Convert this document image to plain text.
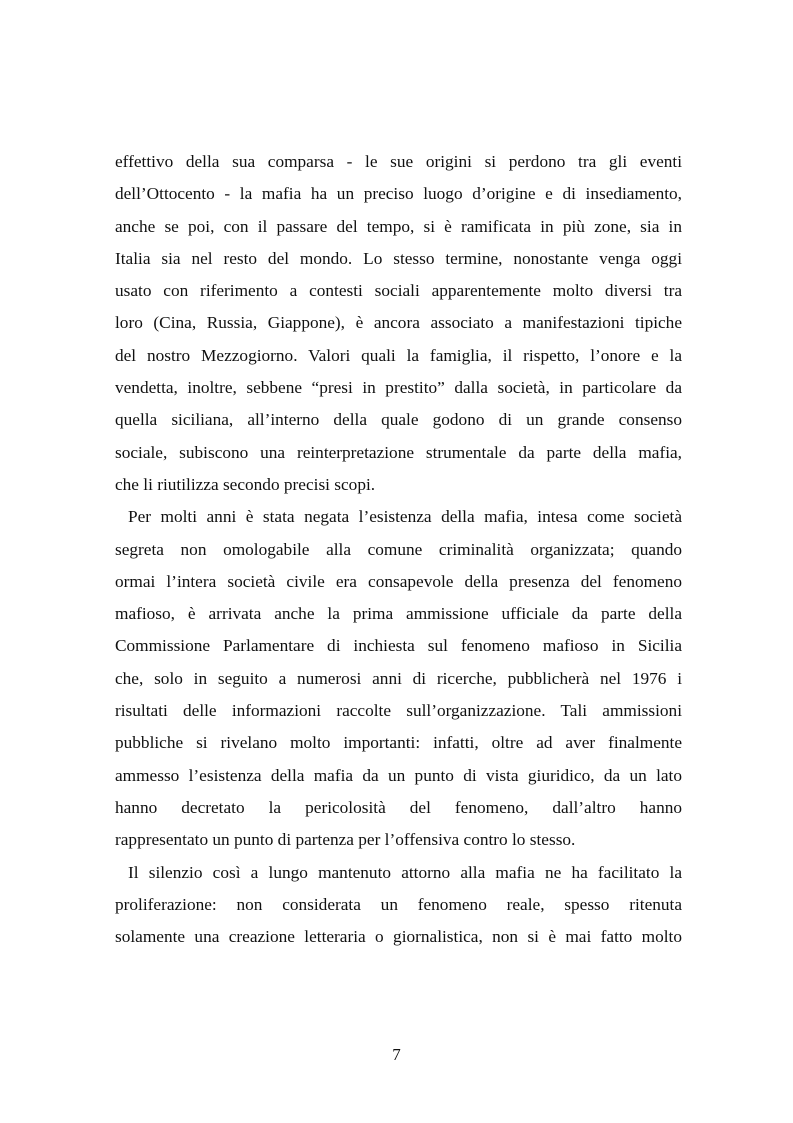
effettivo della sua comparsa - le sue origini si perdono tra gli eventi
dell’Ottocento - la mafia ha un preciso luogo d’origine e di insediamento,
anche se poi, con il passare del tempo, si è ramificata in più zone, sia in
Italia sia nel resto del mondo. Lo stesso termine, nonostante venga oggi
usato con riferimento a contesti sociali apparentemente molto diversi tra
loro (Cina, Russia, Giappone), è ancora associato a manifestazioni tipiche
del nostro Mezzogiorno. Valori quali la famiglia, il rispetto, l’onore e la
vendetta, inoltre, sebbene “presi in prestito” dalla società, in particolare da
quella siciliana, all’interno della quale godono di un grande consenso
sociale, subiscono una reinterpretazione strumentale da parte della mafia,
che li riutilizza secondo precisi scopi.
Per molti anni è stata negata l’esistenza della mafia, intesa come società
segreta non omologabile alla comune criminalità organizzata; quando
ormai l’intera società civile era consapevole della presenza del fenomeno
mafioso, è arrivata anche la prima ammissione ufficiale da parte della
Commissione Parlamentare di inchiesta sul fenomeno mafioso in Sicilia
che, solo in seguito a numerosi anni di ricerche, pubblicherà nel 1976 i
risultati delle informazioni raccolte sull’organizzazione. Tali ammissioni
pubbliche si rivelano molto importanti: infatti, oltre ad aver finalmente
ammesso l’esistenza della mafia da un punto di vista giuridico, da un lato
hanno decretato la pericolosità del fenomeno, dall’altro hanno
rappresentato un punto di partenza per l’offensiva contro lo stesso.
Il silenzio così a lungo mantenuto attorno alla mafia ne ha facilitato la
proliferazione: non considerata un fenomeno reale, spesso ritenuta
solamente una creazione letteraria o giornalistica, non si è mai fatto molto
7
